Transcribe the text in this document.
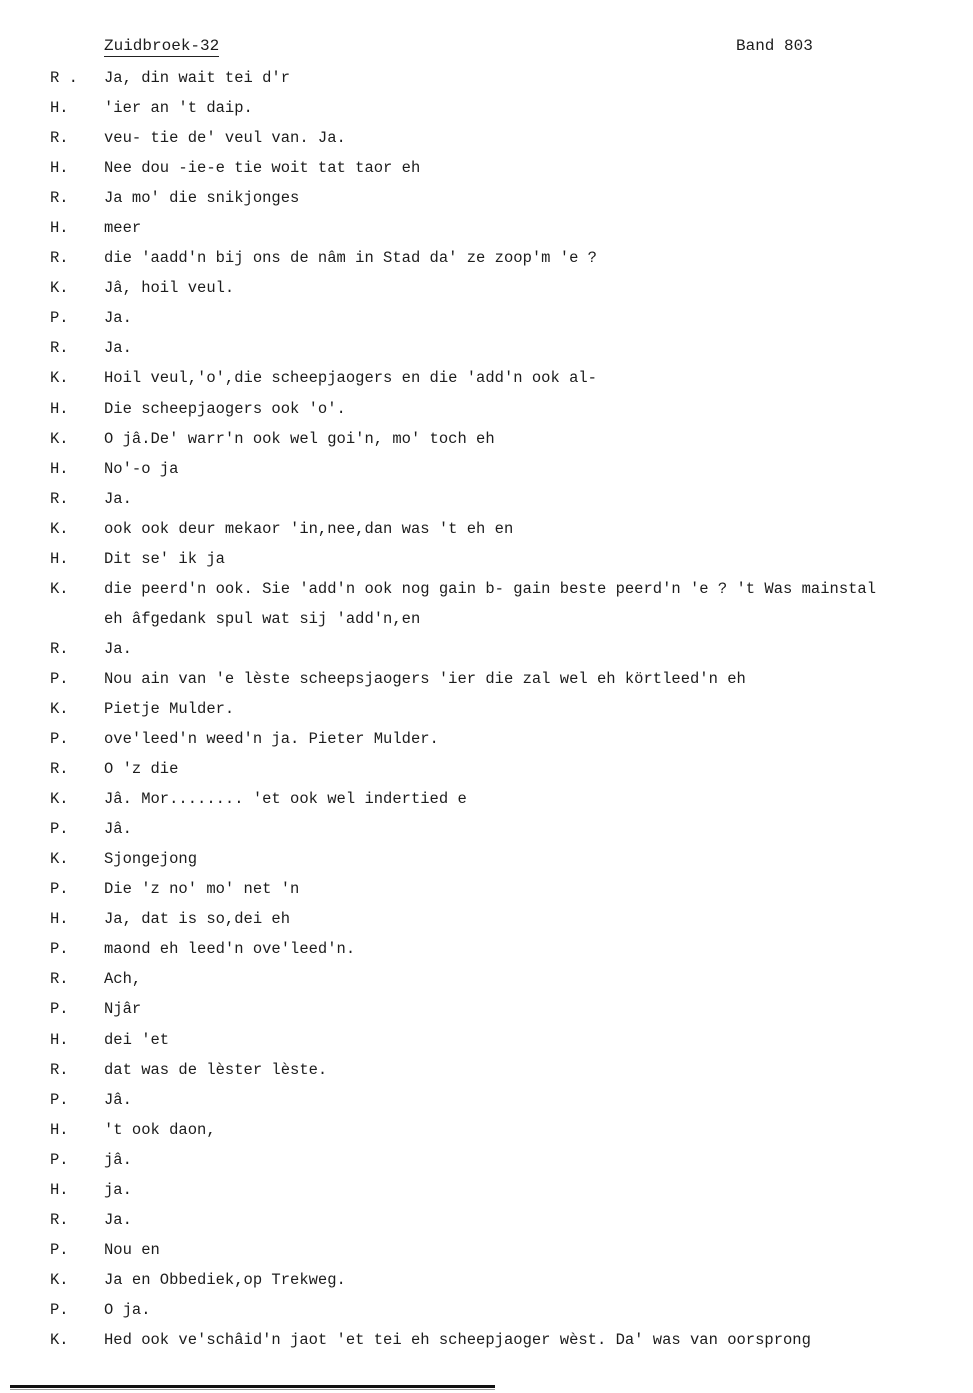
Zuidbroek-32	Band 803
R . Ja, din wait tei d'r
H. 'ier an 't daip.
R. veu- tie de' veul van. Ja.
H. Nee dou -ie-e tie woit tat taor eh
R. Ja mo' die snikjonges
H. meer
R. die 'aadd'n bij ons de nâm in Stad da' ze zoop'm 'e ?
K. Jâ, hoil veul.
P. Ja.
R. Ja.
K. Hoil veul,'o',die scheepjaogers en die 'add'n ook al-
H. Die scheepjaogers ook 'o'.
K. O jâ.De' warr'n ook wel goi'n, mo' toch eh
H. No'-o ja
R. Ja.
K. ook ook deur mekaor 'in,nee,dan was 't eh en
H. Dit se' ik ja
K. die peerd'n ook. Sie 'add'n ook nog gain b- gain beste peerd'n 'e ? 't Was mainstal
eh âfgedank spul wat sij 'add'n,en
R. Ja.
P. Nou ain van 'e lèste scheepsjaogers 'ier die zal wel eh körtleed'n eh
K. Pietje Mulder.
P. ove'leed'n weed'n ja. Pieter Mulder.
R. O 'z die
K. Jâ. Mor........ 'et ook wel indertied e
P. Jâ.
K. Sjongejong
P. Die 'z no' mo' net 'n
H. Ja, dat is so,dei eh
P. maond eh leed'n ove'leed'n.
R. Ach,
P. Njâr
H. dei 'et
R. dat was de lèster lèste.
P. Jâ.
H. 't ook daon,
P. jâ.
H. ja.
R. Ja.
P. Nou en
K. Ja en Obbediek,op Trekweg.
P. O ja.
K. Hed ook ve'schâid'n jaot 'et tei eh scheepjaoger wèst. Da' was van oorsprong
